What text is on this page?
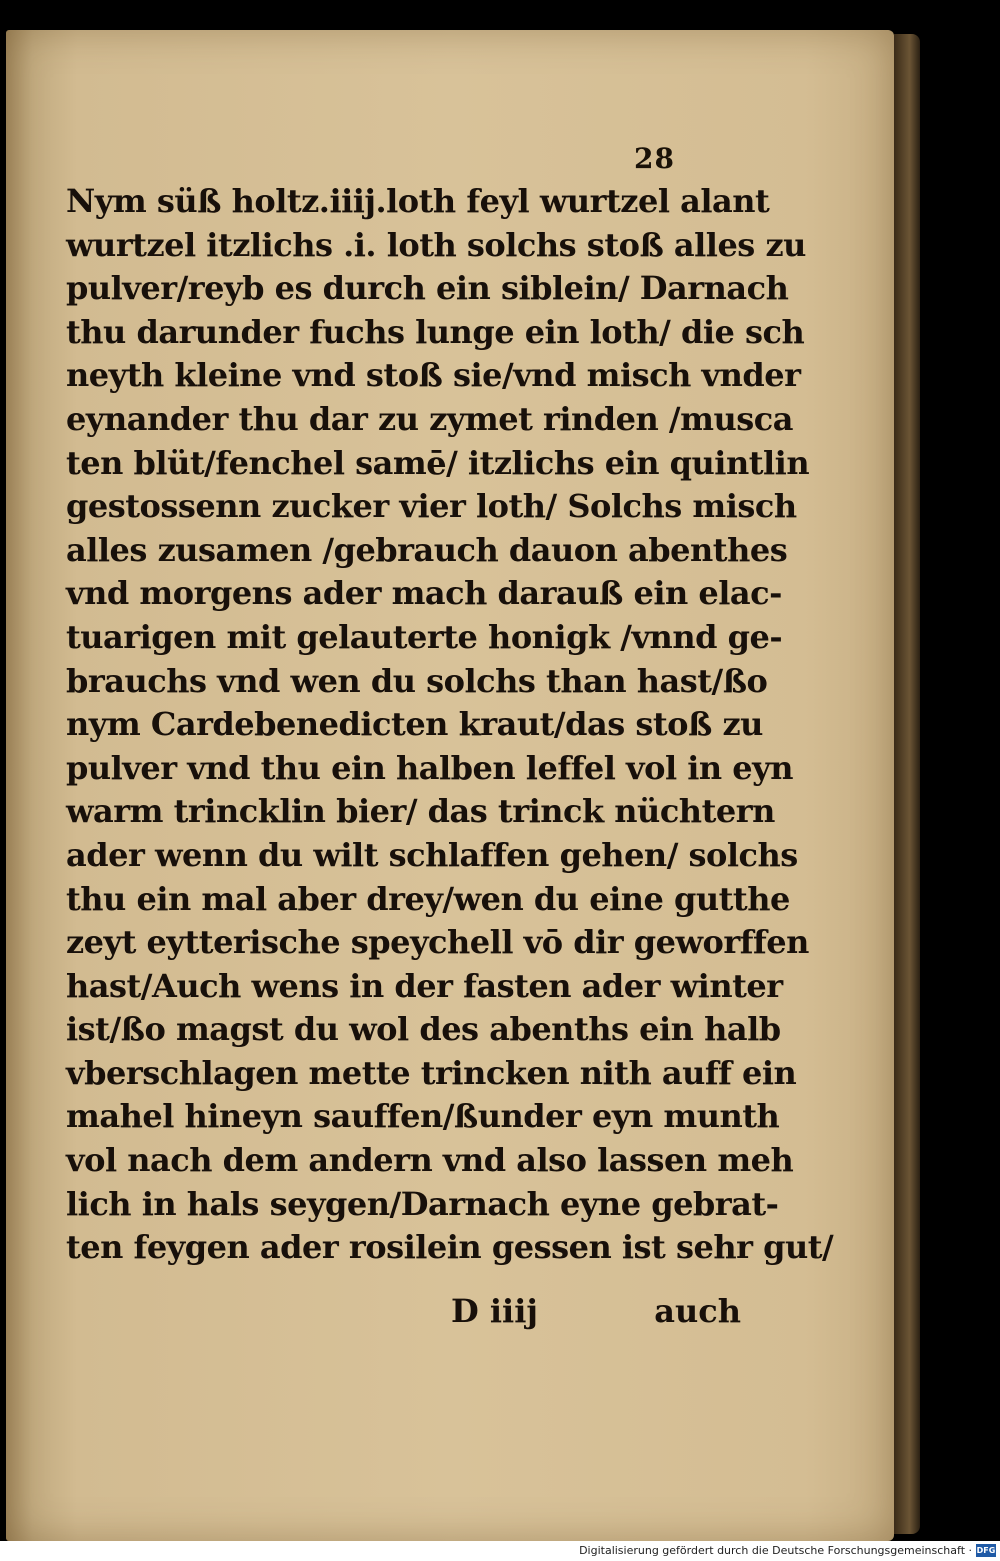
28
Nym süß holtz.iiij.loth feyl wurtzel alant
wurtzel itzlichs .i. loth solchs stoß alles zu
pulver/reyb es durch ein siblein/ Darnach
thu darunder fuchs lunge ein loth/ die sch
neyth kleine vnd stoß sie/vnd misch vnder
eynander thu dar zu zymet rinden /musca
ten blüt/fenchel samē/ itzlichs ein quintlin
gestossenn zucker vier loth/ Solchs misch
alles zusamen /gebrauch dauon abenthes
vnd morgens ader mach darauß ein elac-
tuarigen mit gelauterte honigk /vnnd ge-
brauchs vnd wen du solchs than hast/ßo
nym Cardebenedicten kraut/das stoß zu
pulver vnd thu ein halben leffel vol in eyn
warm trincklin bier/ das trinck nüchtern
ader wenn du wilt schlaffen gehen/ solchs
thu ein mal aber drey/wen du eine gutthe
zeyt eytterische speychell vō dir geworffen
hast/Auch wens in der fasten ader winter
ist/ßo magst du wol des abenths ein halb
vberschlagen mette trincken nith auff ein
mahel hineyn sauffen/ßunder eyn munth
vol nach dem andern vnd also lassen meh
lich in hals seygen/Darnach eyne gebrat-
ten feygen ader rosilein gessen ist sehr gut/
D iiij	auch
Digitalisierung gefördert durch die Deutsche Forschungsgemeinschaft · DFG
